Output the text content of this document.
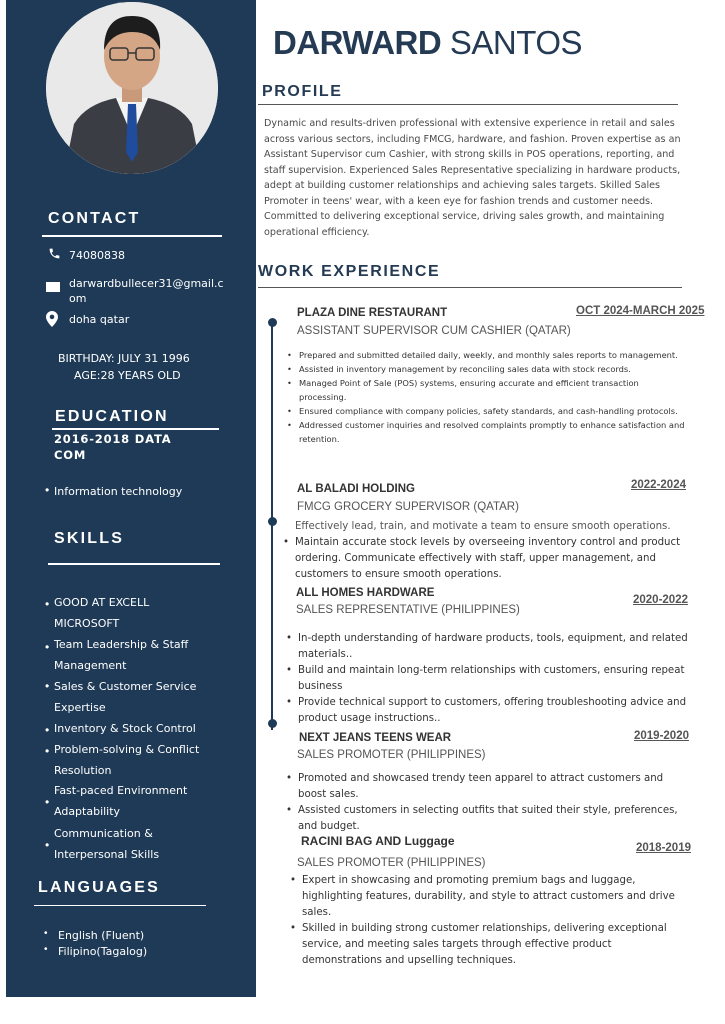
CONTACT
74080838
darwardbullecer31@gmail.c
om
doha qatar
BIRTHDAY: JULY 31 1996
AGE:28 YEARS OLD
EDUCATION
2016-2018 DATA
COM
• Information technology
SKILLS
• GOOD AT EXCELL
MICROSOFT
• Team Leadership & Staff
Management
• Sales & Customer Service
Expertise
• Inventory & Stock Control
• Problem-solving & Conflict
Resolution
•
Fast-paced Environment
Adaptability
•
Communication &
Interpersonal Skills
LANGUAGES
• English (Fluent)
• Filipino(Tagalog)
DARWARD SANTOS
PROFILE
Dynamic and results-driven professional with extensive experience in retail and sales across various sectors, including FMCG, hardware, and fashion. Proven expertise as an Assistant Supervisor cum Cashier, with strong skills in POS operations, reporting, and staff supervision. Experienced Sales Representative specializing in hardware products, adept at building customer relationships and achieving sales targets. Skilled Sales Promoter in teens' wear, with a keen eye for fashion trends and customer needs. Committed to delivering exceptional service, driving sales growth, and maintaining operational efficiency.
WORK EXPERIENCE
PLAZA DINE RESTAURANT	OCT 2024-MARCH 2025
ASSISTANT SUPERVISOR CUM CASHIER (QATAR)
• Prepared and submitted detailed daily, weekly, and monthly sales reports to management.
• Assisted in inventory management by reconciling sales data with stock records.
• Managed Point of Sale (POS) systems, ensuring accurate and efficient transaction processing.
• Ensured compliance with company policies, safety standards, and cash-handling protocols.
• Addressed customer inquiries and resolved complaints promptly to enhance satisfaction and retention.
AL BALADI HOLDING	2022-2024
FMCG GROCERY SUPERVISOR (QATAR)
Effectively lead, train, and motivate a team to ensure smooth operations.
• Maintain accurate stock levels by overseeing inventory control and product ordering. Communicate effectively with staff, upper management, and customers to ensure smooth operations.
ALL HOMES HARDWARE
2020-2022
SALES REPRESENTATIVE (PHILIPPINES)
• In-depth understanding of hardware products, tools, equipment, and related materials..
• Build and maintain long-term relationships with customers, ensuring repeat business
• Provide technical support to customers, offering troubleshooting advice and product usage instructions..
NEXT JEANS TEENS WEAR	2019-2020
SALES PROMOTER (PHILIPPINES)
• Promoted and showcased trendy teen apparel to attract customers and boost sales.
• Assisted customers in selecting outfits that suited their style, preferences, and budget.
RACINI BAG AND Luggage	2018-2019
SALES PROMOTER (PHILIPPINES)
• Expert in showcasing and promoting premium bags and luggage, highlighting features, durability, and style to attract customers and drive sales.
• Skilled in building strong customer relationships, delivering exceptional service, and meeting sales targets through effective product demonstrations and upselling techniques.
